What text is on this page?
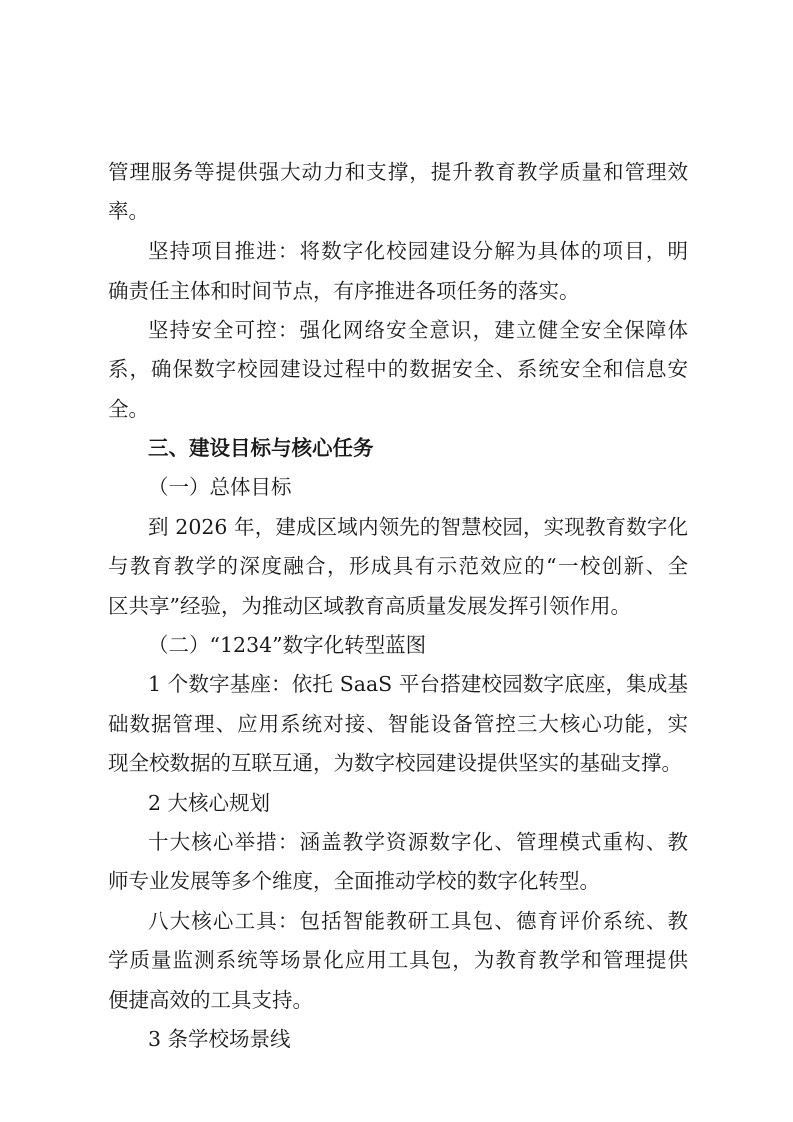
管理服务等提供强大动力和支撑，提升教育教学质量和管理效
率。
坚持项目推进：将数字化校园建设分解为具体的项目，明
确责任主体和时间节点，有序推进各项任务的落实。
坚持安全可控：强化网络安全意识，建立健全安全保障体
系，确保数字校园建设过程中的数据安全、系统安全和信息安
全。
三、建设目标与核心任务
（一）总体目标
到 2026 年，建成区域内领先的智慧校园，实现教育数字化
与教育教学的深度融合，形成具有示范效应的“一校创新、全
区共享”经验，为推动区域教育高质量发展发挥引领作用。
（二）“1234”数字化转型蓝图
1 个数字基座：依托 SaaS 平台搭建校园数字底座，集成基
础数据管理、应用系统对接、智能设备管控三大核心功能，实
现全校数据的互联互通，为数字校园建设提供坚实的基础支撑。
2 大核心规划
十大核心举措：涵盖教学资源数字化、管理模式重构、教
师专业发展等多个维度，全面推动学校的数字化转型。
八大核心工具：包括智能教研工具包、德育评价系统、教
学质量监测系统等场景化应用工具包，为教育教学和管理提供
便捷高效的工具支持。
3 条学校场景线
